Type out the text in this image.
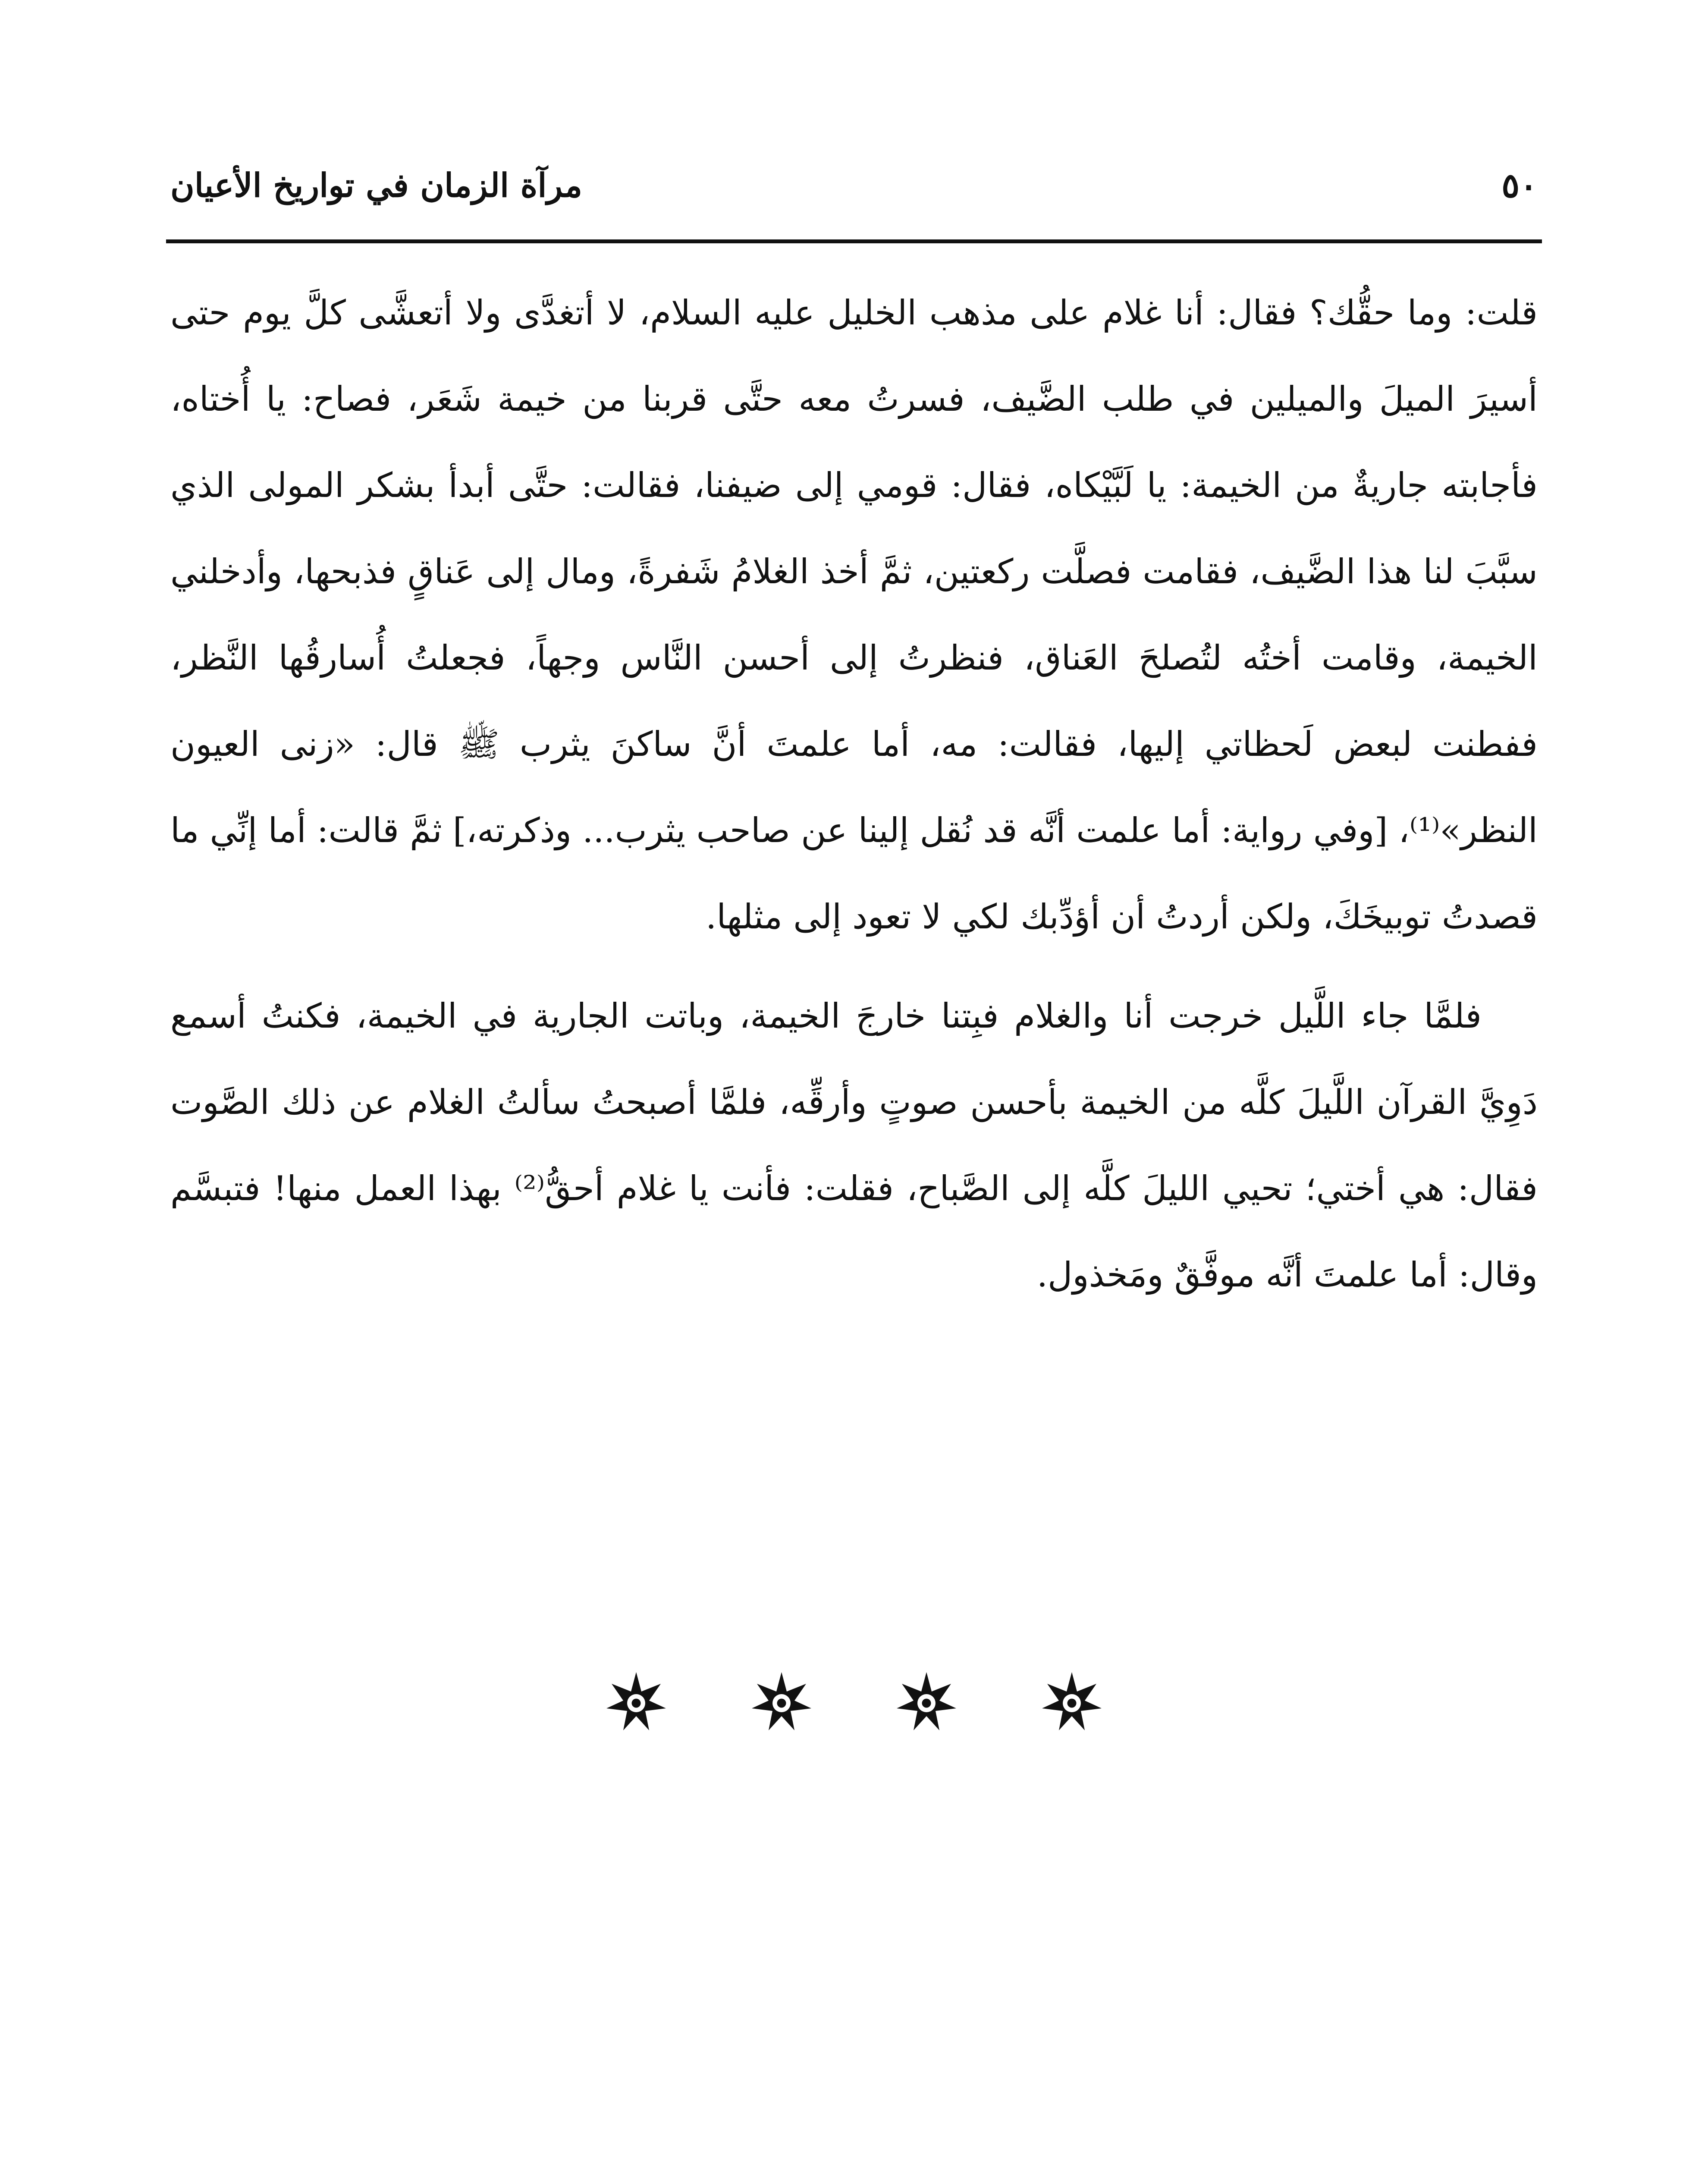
٥٠
مرآة الزمان في تواريخ الأعيان

قلت: وما حقُّك؟ فقال: أنا غلام على مذهب الخليل عليه السلام، لا أتغدَّى ولا أتعشَّى كلَّ يوم حتى أسيرَ الميلَ والميلين في طلب الضَّيف، فسرتُ معه حتَّى قربنا من خيمة شَعَر، فصاح: يا أُختاه، فأجابته جاريةٌ من الخيمة: يا لَبَّيْكاه، فقال: قومي إلى ضيفنا، فقالت: حتَّى أبدأ بشكر المولى الذي سبَّبَ لنا هذا الضَّيف، فقامت فصلَّت ركعتين، ثمَّ أخذ الغلامُ شَفرةً، ومال إلى عَناقٍ فذبحها، وأدخلني الخيمة، وقامت أختُه لتُصلحَ العَناق، فنظرتُ إلى أحسن النَّاس وجهاً، فجعلتُ أُسارقُها النَّظر، ففطنت لبعض لَحظاتي إليها، فقالت: مه، أما علمتَ أنَّ ساكنَ يثرب ﷺ قال: «زنى العيون النظر»⁽¹⁾، [وفي رواية: أما علمت أنَّه قد نُقل إلينا عن صاحب يثرب... وذكرته،] ثمَّ قالت: أما إنِّي ما قصدتُ توبيخَكَ، ولكن أردتُ أن أؤدِّبك لكي لا تعود إلى مثلها.

فلمَّا جاء اللَّيل خرجت أنا والغلام فبِتنا خارجَ الخيمة، وباتت الجارية في الخيمة، فكنتُ أسمع دَوِيَّ القرآن اللَّيلَ كلَّه من الخيمة بأحسن صوتٍ وأرقِّه، فلمَّا أصبحتُ سألتُ الغلام عن ذلك الصَّوت فقال: هي أختي؛ تحيي الليلَ كلَّه إلى الصَّباح، فقلت: فأنت يا غلام أحقُّ⁽²⁾ بهذا العمل منها! فتبسَّم وقال: أما علمتَ أنَّه موفَّقٌ ومَخذول.
